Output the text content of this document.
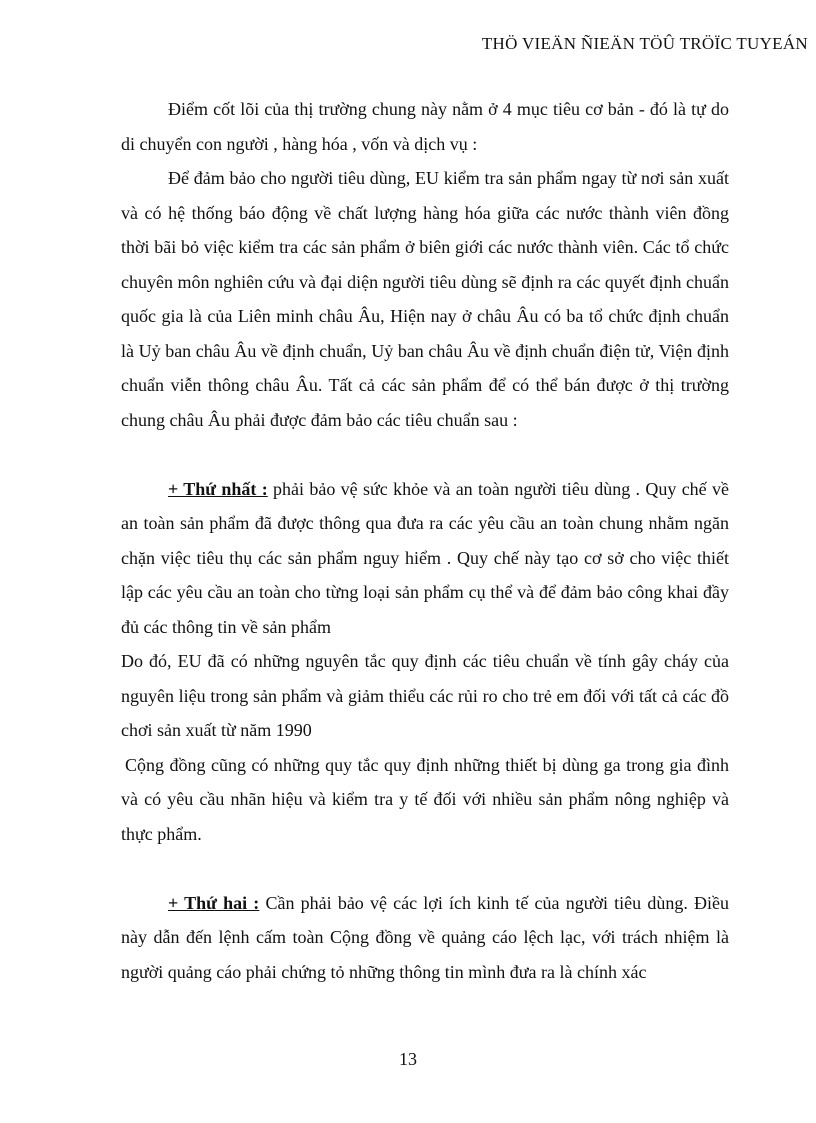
THÖ VIEÄN ÑIEÄN TÖÛ TRÖÏC TUYEÁN

Điểm cốt lõi của thị trường chung này nằm ở 4 mục tiêu cơ bản - đó là tự do di chuyển con người , hàng hóa , vốn và dịch vụ :

Để đảm bảo cho người tiêu dùng, EU kiểm tra sản phẩm ngay từ nơi sản xuất và có hệ thống báo động về chất lượng hàng hóa giữa các nước thành viên đồng thời bãi bỏ việc kiểm tra các sản phẩm ở biên giới các nước thành viên. Các tổ chức chuyên môn nghiên cứu và đại diện người tiêu dùng sẽ định ra các quyết định chuẩn quốc gia là của Liên minh châu Âu, Hiện nay ở châu Âu có ba tổ chức định chuẩn là Uỷ ban châu Âu về định chuẩn, Uỷ ban châu Âu về định chuẩn điện tử, Viện định chuẩn viễn thông châu Âu. Tất cả các sản phẩm để có thể bán được ở thị trường chung châu Âu phải được đảm bảo các tiêu chuẩn sau :

+ Thứ nhất : phải bảo vệ sức khỏe và an toàn người tiêu dùng . Quy chế về an toàn sản phẩm đã được thông qua đưa ra các yêu cầu an toàn chung nhằm ngăn chặn việc tiêu thụ các sản phẩm nguy hiểm . Quy chế này tạo cơ sở cho việc thiết lập các yêu cầu an toàn cho từng loại sản phẩm cụ thể và để đảm bảo công khai đầy đủ các thông tin về sản phẩm

Do đó, EU đã có những nguyên tắc quy định các tiêu chuẩn về tính gây cháy của nguyên liệu trong sản phẩm và giảm thiểu các rủi ro cho trẻ em đối với tất cả các đồ chơi sản xuất từ năm 1990

Cộng đồng cũng có những quy tắc quy định những thiết bị dùng ga trong gia đình và có yêu cầu nhãn hiệu và kiểm tra y tế đối với nhiều sản phẩm nông nghiệp và thực phẩm.

+ Thứ hai : Cần phải bảo vệ các lợi ích kinh tế của người tiêu dùng. Điều này dẫn đến lệnh cấm toàn Cộng đồng về quảng cáo lệch lạc, với trách nhiệm là người quảng cáo phải chứng tỏ những thông tin mình đưa ra là chính xác

13
